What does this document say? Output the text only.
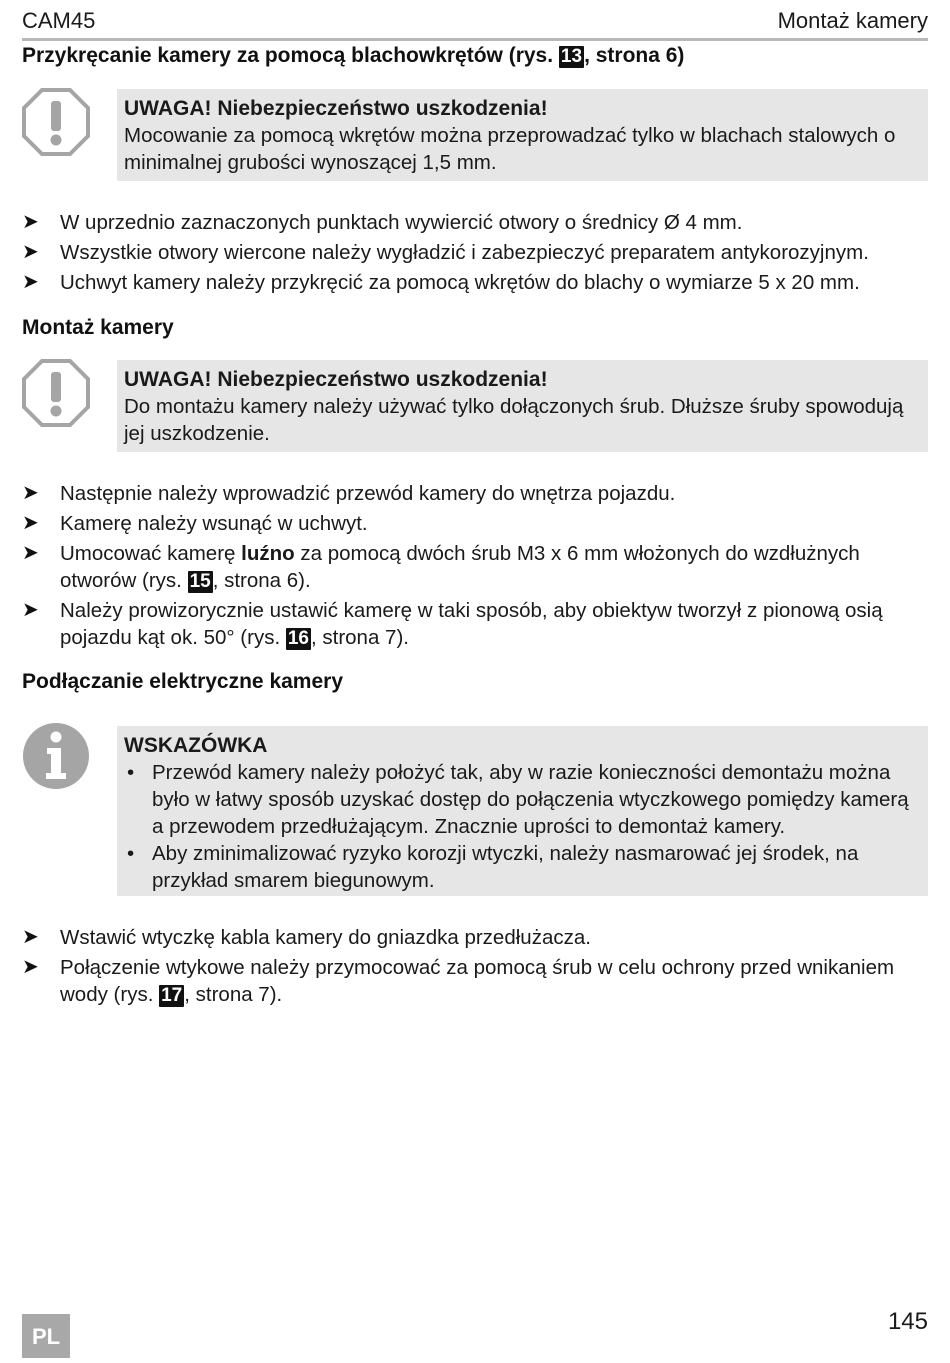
CAM45	Montaż kamery
Przykręcanie kamery za pomocą blachowkrętów (rys. 13, strona 6)
UWAGA! Niebezpieczeństwo uszkodzenia!
Mocowanie za pomocą wkrętów można przeprowadzać tylko w blachach stalowych o minimalnej grubości wynoszącej 1,5 mm.
➤ W uprzednio zaznaczonych punktach wywiercić otwory o średnicy Ø 4 mm.
➤ Wszystkie otwory wiercone należy wygładzić i zabezpieczyć preparatem antykorozyjnym.
➤ Uchwyt kamery należy przykręcić za pomocą wkrętów do blachy o wymiarze 5 x 20 mm.
Montaż kamery
UWAGA! Niebezpieczeństwo uszkodzenia!
Do montażu kamery należy używać tylko dołączonych śrub. Dłuższe śruby spowodują jej uszkodzenie.
➤ Następnie należy wprowadzić przewód kamery do wnętrza pojazdu.
➤ Kamerę należy wsunąć w uchwyt.
➤ Umocować kamerę luźno za pomocą dwóch śrub M3 x 6 mm włożonych do wzdłużnych otworów (rys. 15, strona 6).
➤ Należy prowizorycznie ustawić kamerę w taki sposób, aby obiektyw tworzył z pionową osią pojazdu kąt ok. 50° (rys. 16, strona 7).
Podłączanie elektryczne kamery
WSKAZÓWKA
• Przewód kamery należy położyć tak, aby w razie konieczności demontażu można było w łatwy sposób uzyskać dostęp do połączenia wtyczkowego pomiędzy kamerą a przewodem przedłużającym. Znacznie uprości to demontaż kamery.
• Aby zminimalizować ryzyko korozji wtyczki, należy nasmarować jej środek, na przykład smarem biegunowym.
➤ Wstawić wtyczkę kabla kamery do gniazdka przedłużacza.
➤ Połączenie wtykowe należy przymocować za pomocą śrub w celu ochrony przed wnikaniem wody (rys. 17, strona 7).
PL
145
